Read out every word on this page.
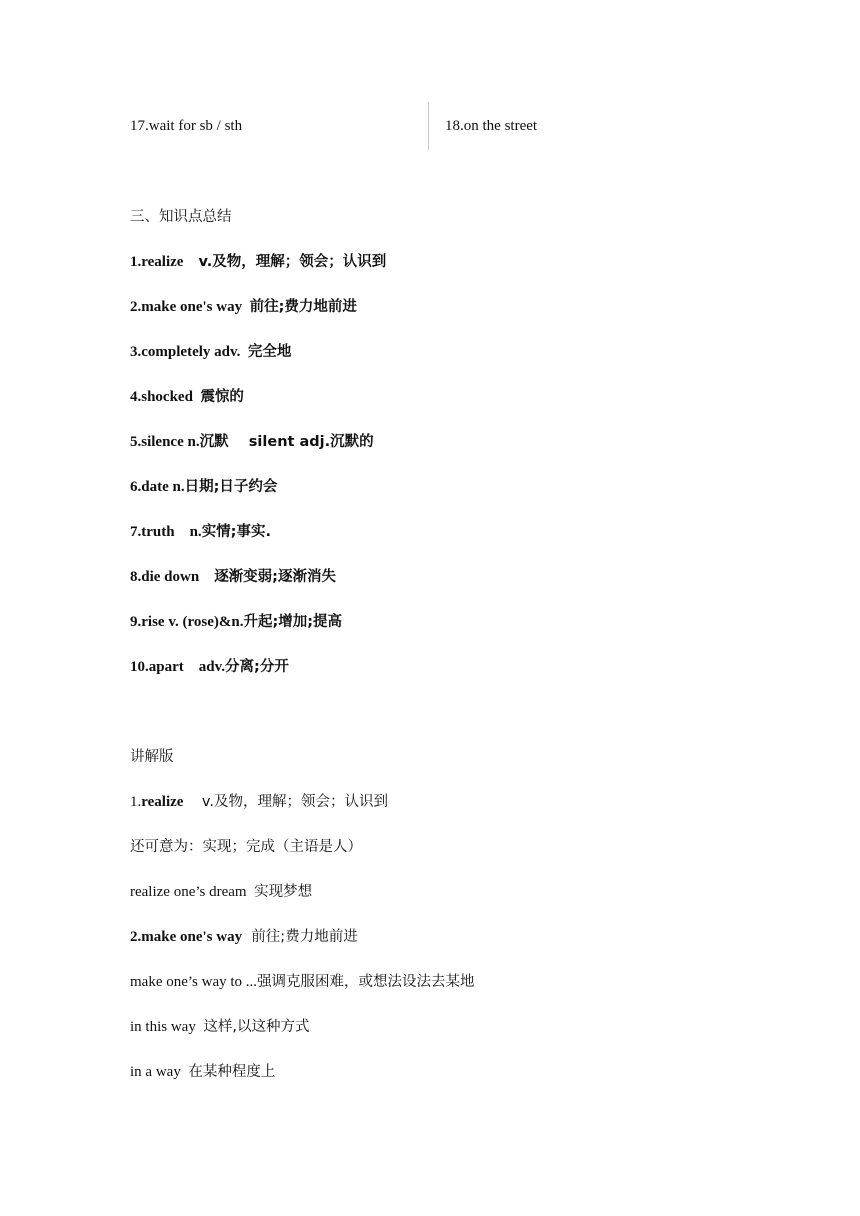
17.wait for sb / sth	18.on the street
三、知识点总结
1.realize    v.及物，理解；领会；认识到
2.make one's way  前往;费力地前进
3.completely adv.  完全地
4.shocked  震惊的
5.silence n.沉默    silent adj.沉默的
6.date n.日期;日子约会
7.truth    n.实情;事实.
8.die down    逐渐变弱;逐渐消失
9.rise v. (rose)&n.升起;增加;提高
10.apart    adv.分离;分开
讲解版
1.realize    v.及物，理解；领会；认识到
还可意为：实现；完成（主语是人）
realize one’s dream  实现梦想
2.make one's way  前往;费力地前进
make one’s way to ...强调克服困难，或想法设法去某地
in this way  这样,以这种方式
in a way  在某种程度上
